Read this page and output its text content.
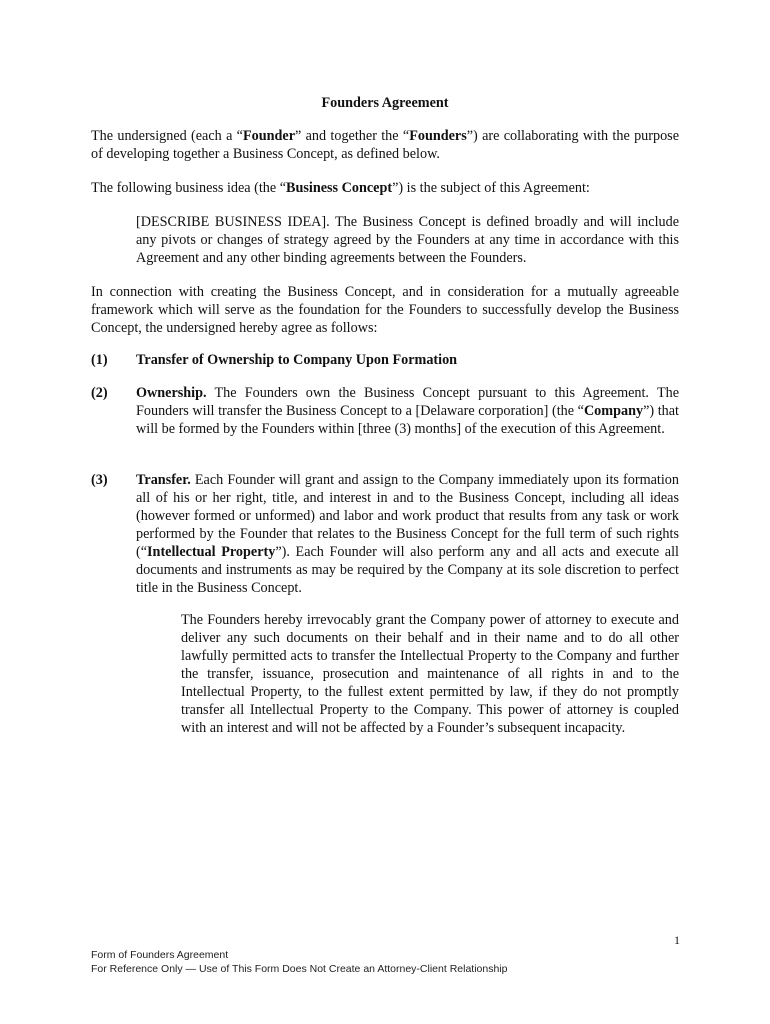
Founders Agreement
The undersigned (each a “Founder” and together the “Founders”) are collaborating with the purpose of developing together a Business Concept, as defined below.
The following business idea (the “Business Concept”) is the subject of this Agreement:
[DESCRIBE BUSINESS IDEA]. The Business Concept is defined broadly and will include any pivots or changes of strategy agreed by the Founders at any time in accordance with this Agreement and any other binding agreements between the Founders.
In connection with creating the Business Concept, and in consideration for a mutually agreeable framework which will serve as the foundation for the Founders to successfully develop the Business Concept, the undersigned hereby agree as follows:
(1) Transfer of Ownership to Company Upon Formation
(2) Ownership. The Founders own the Business Concept pursuant to this Agreement. The Founders will transfer the Business Concept to a [Delaware corporation] (the “Company”) that will be formed by the Founders within [three (3) months] of the execution of this Agreement.
(3) Transfer. Each Founder will grant and assign to the Company immediately upon its formation all of his or her right, title, and interest in and to the Business Concept, including all ideas (however formed or unformed) and labor and work product that results from any task or work performed by the Founder that relates to the Business Concept for the full term of such rights (“Intellectual Property”). Each Founder will also perform any and all acts and execute all documents and instruments as may be required by the Company at its sole discretion to perfect title in the Business Concept.
The Founders hereby irrevocably grant the Company power of attorney to execute and deliver any such documents on their behalf and in their name and to do all other lawfully permitted acts to transfer the Intellectual Property to the Company and further the transfer, issuance, prosecution and maintenance of all rights in and to the Intellectual Property, to the fullest extent permitted by law, if they do not promptly transfer all Intellectual Property to the Company. This power of attorney is coupled with an interest and will not be affected by a Founder’s subsequent incapacity.
1
Form of Founders Agreement
For Reference Only — Use of This Form Does Not Create an Attorney-Client Relationship
